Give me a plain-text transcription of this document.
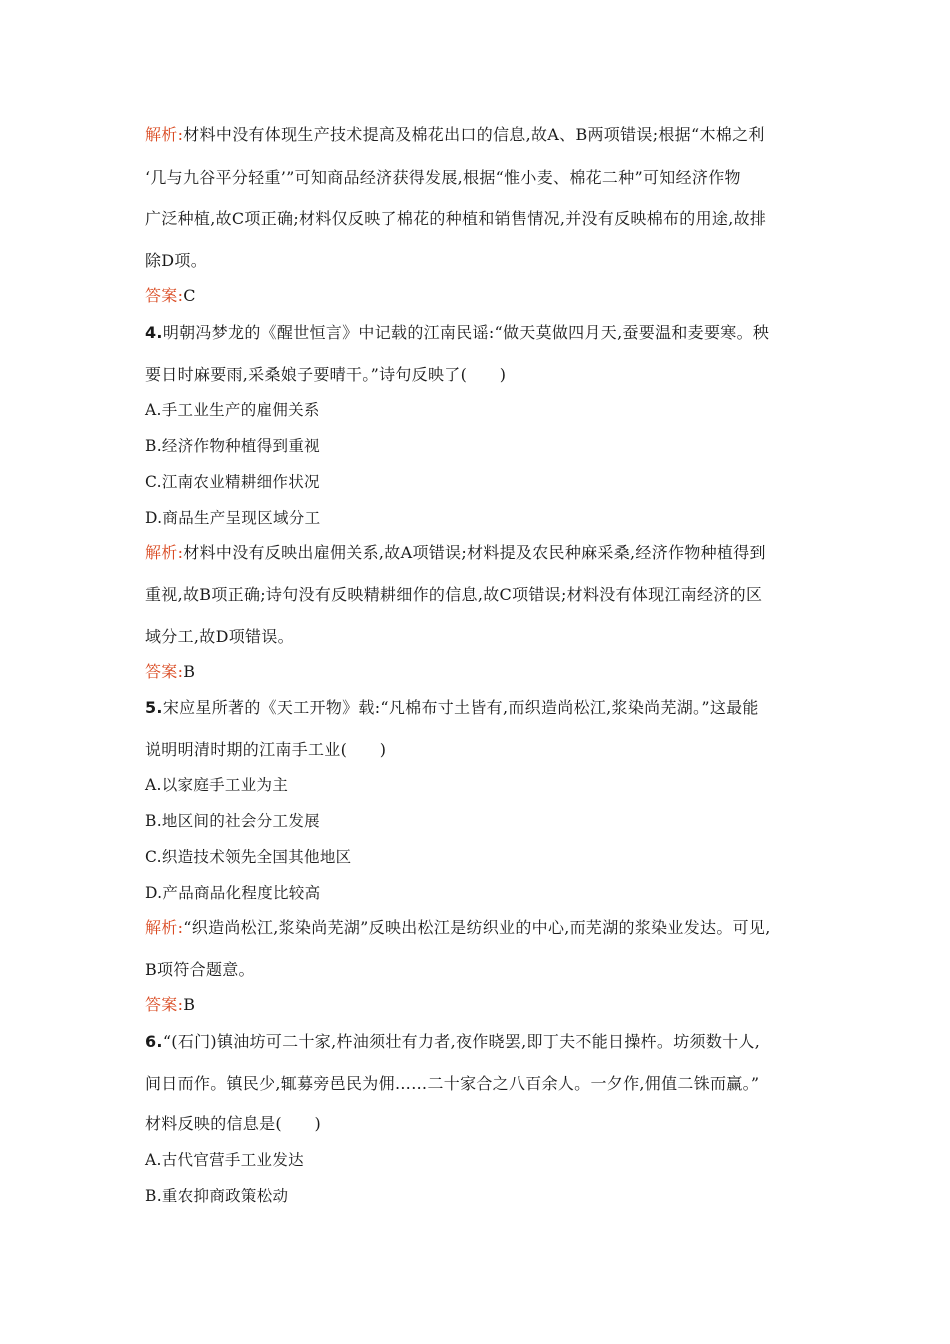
解析:材料中没有体现生产技术提高及棉花出口的信息,故A、B两项错误;根据“木棉之利
‘几与九谷平分轻重’”可知商品经济获得发展,根据“惟小麦、棉花二种”可知经济作物
广泛种植,故C项正确;材料仅反映了棉花的种植和销售情况,并没有反映棉布的用途,故排
除D项。
答案:C
4.明朝冯梦龙的《醒世恒言》中记载的江南民谣:“做天莫做四月天,蚕要温和麦要寒。秧
要日时麻要雨,采桑娘子要晴干。”诗句反映了(　　)
A.手工业生产的雇佣关系
B.经济作物种植得到重视
C.江南农业精耕细作状况
D.商品生产呈现区域分工
解析:材料中没有反映出雇佣关系,故A项错误;材料提及农民种麻采桑,经济作物种植得到
重视,故B项正确;诗句没有反映精耕细作的信息,故C项错误;材料没有体现江南经济的区
域分工,故D项错误。
答案:B
5.宋应星所著的《天工开物》载:“凡棉布寸土皆有,而织造尚松江,浆染尚芜湖。”这最能
说明明清时期的江南手工业(　　)
A.以家庭手工业为主
B.地区间的社会分工发展
C.织造技术领先全国其他地区
D.产品商品化程度比较高
解析:“织造尚松江,浆染尚芜湖”反映出松江是纺织业的中心,而芜湖的浆染业发达。可见,
B项符合题意。
答案:B
6.“(石门)镇油坊可二十家,杵油须壮有力者,夜作晓罢,即丁夫不能日操杵。坊须数十人,
间日而作。镇民少,辄募旁邑民为佣……二十家合之八百余人。一夕作,佣值二铢而赢。”
材料反映的信息是(　　)
A.古代官营手工业发达
B.重农抑商政策松动
